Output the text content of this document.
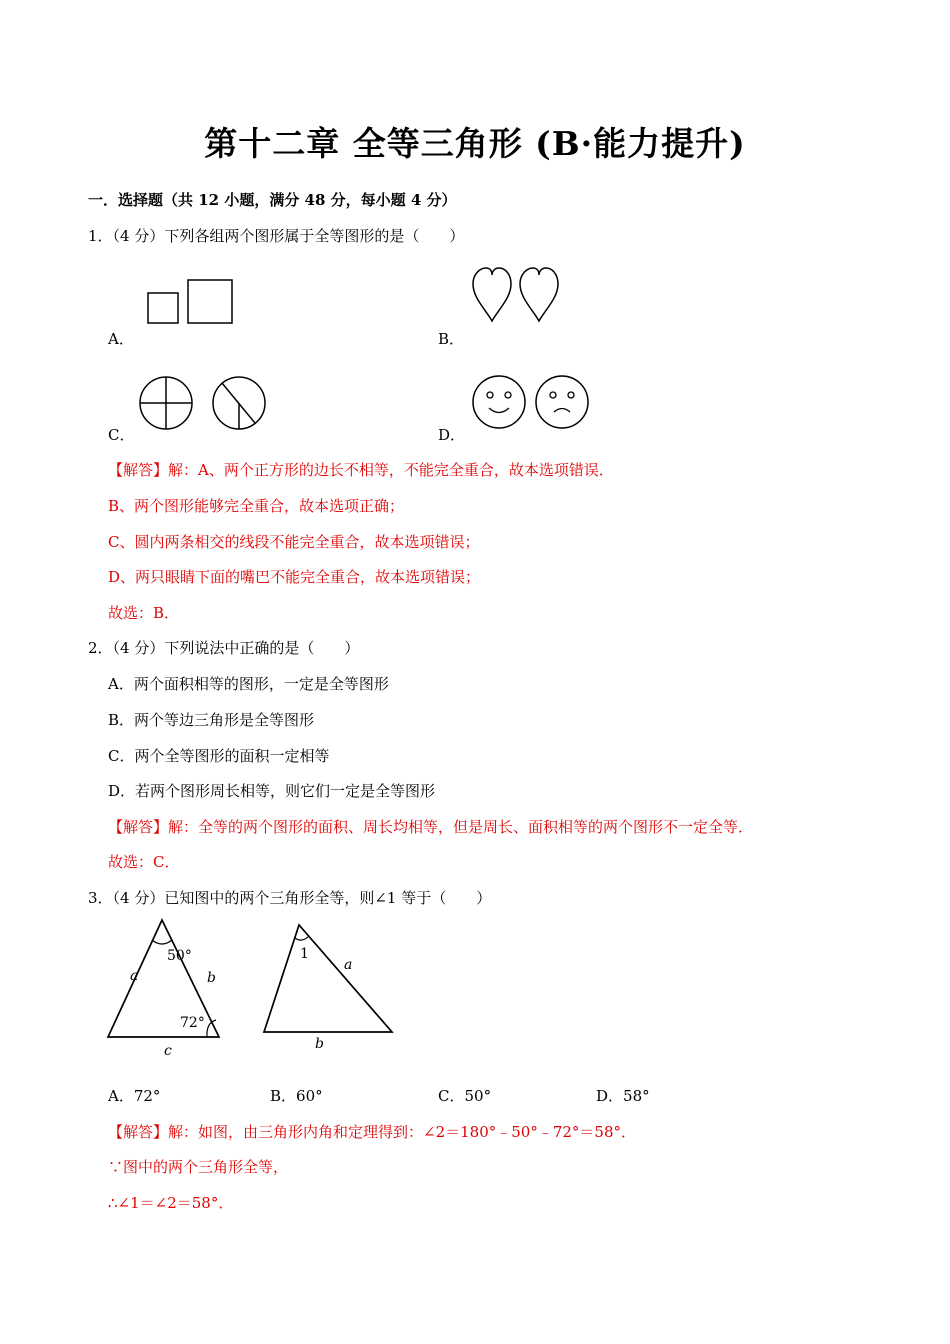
第十二章 全等三角形 (B·能力提升)
一．选择题（共 12 小题，满分 48 分，每小题 4 分）
1．（4 分）下列各组两个图形属于全等图形的是（　　）
A．	B．
C．	D．
【解答】解：A、两个正方形的边长不相等，不能完全重合，故本选项错误．
B、两个图形能够完全重合，故本选项正确；
C、圆内两条相交的线段不能完全重合，故本选项错误；
D、两只眼睛下面的嘴巴不能完全重合，故本选项错误；
故选：B．
2．（4 分）下列说法中正确的是（　　）
A．两个面积相等的图形，一定是全等图形
B．两个等边三角形是全等图形
C．两个全等图形的面积一定相等
D．若两个图形周长相等，则它们一定是全等图形
【解答】解：全等的两个图形的面积、周长均相等，但是周长、面积相等的两个图形不一定全等．
故选：C．
3．（4 分）已知图中的两个三角形全等，则∠1 等于（　　）
50°
72°
a	b
c
1
a
b
A．72°	B．60°	C．50°	D．58°
【解答】解：如图，由三角形内角和定理得到：∠2＝180°﹣50°﹣72°＝58°．
∵图中的两个三角形全等，
∴∠1＝∠2＝58°．
